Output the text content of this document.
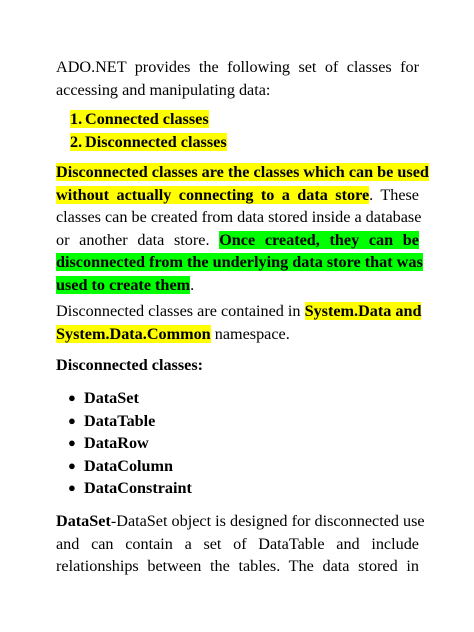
ADO.NET provides the following set of classes for
accessing and manipulating data:

1. Connected classes
2. Disconnected classes

Disconnected classes are the classes which can be used
without actually connecting to a data store. These
classes can be created from data stored inside a database
or another data store. Once created, they can be
disconnected from the underlying data store that was
used to create them.

Disconnected classes are contained in System.Data and
System.Data.Common namespace.

Disconnected classes:
● DataSet
● DataTable
● DataRow
● DataColumn
● DataConstraint

DataSet-DataSet object is designed for disconnected use
and can contain a set of DataTable and include
relationships between the tables. The data stored in
